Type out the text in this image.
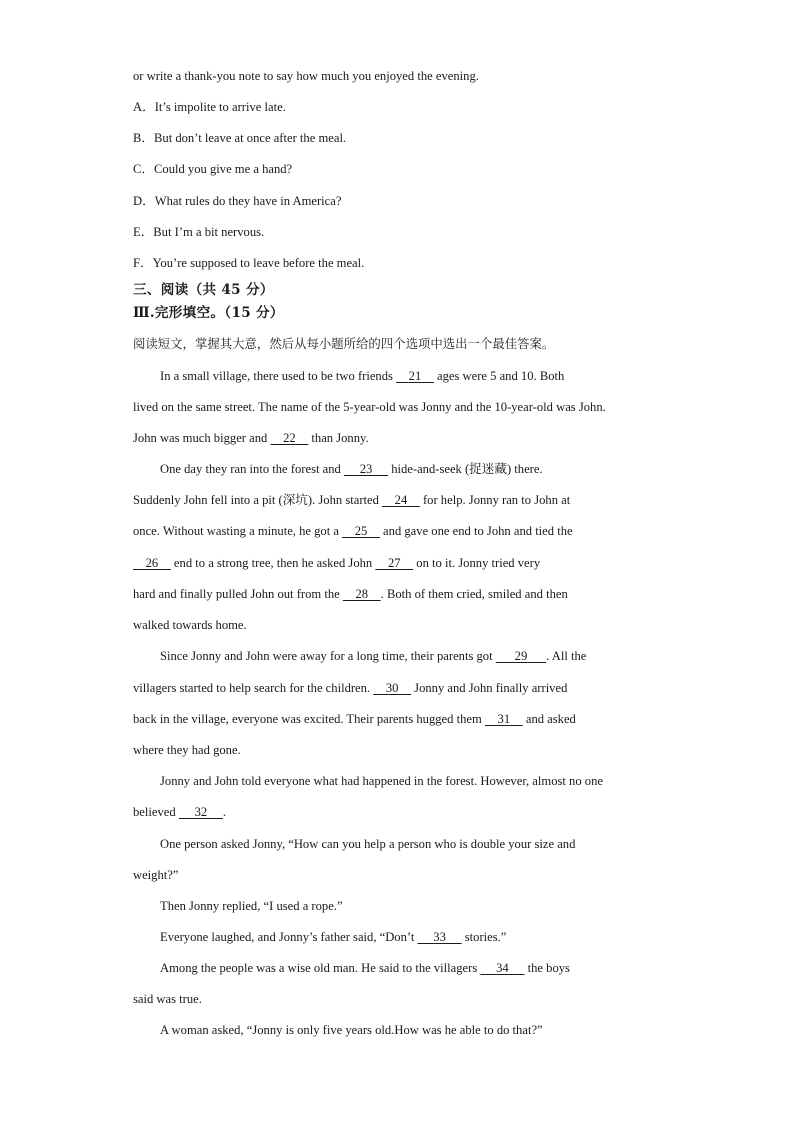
or write a thank-you note to say how much you enjoyed the evening.
A．It’s impolite to arrive late.
B．But don’t leave at once after the meal.
C．Could you give me a hand?
D．What rules do they have in America?
E．But I’m a bit nervous.
F．You’re supposed to leave before the meal.
三、阅读（共 45 分）
Ⅲ.完形填空。（15 分）
阅读短文，掌握其大意，然后从每小题所给的四个选项中选出一个最佳答案。
In a small village, there used to be two friends     21     ages were 5 and 10. Both
lived on the same street. The name of the 5-year-old was Jonny and the 10-year-old was John.
John was much bigger and     22     than Jonny.
One day they ran into the forest and      23      hide-and-seek (捉迷藏) there.
Suddenly John fell into a pit (深坑). John started     24     for help. Jonny ran to John at
once. Without wasting a minute, he got a     25     and gave one end to John and tied the
26     end to a strong tree, then he asked John     27     on to it. Jonny tried very
hard and finally pulled John out from the     28 . Both of them cried, smiled and then
walked towards home.
Since Jonny and John were away for a long time, their parents got       29 . All the
villagers started to help search for the children.     30     Jonny and John finally arrived
back in the village, everyone was excited. Their parents hugged them     31     and asked
where they had gone.
Jonny and John told everyone what had happened in the forest. However, almost no one
believed      32 .
One person asked Jonny, “How can you help a person who is double your size and
weight?”
Then Jonny replied, “I used a rope.”
Everyone laughed, and Jonny’s father said, “Don’t      33      stories.”
Among the people was a wise old man. He said to the villagers      34      the boys
said was true.
A woman asked, “Jonny is only five years old.How was he able to do that?”
